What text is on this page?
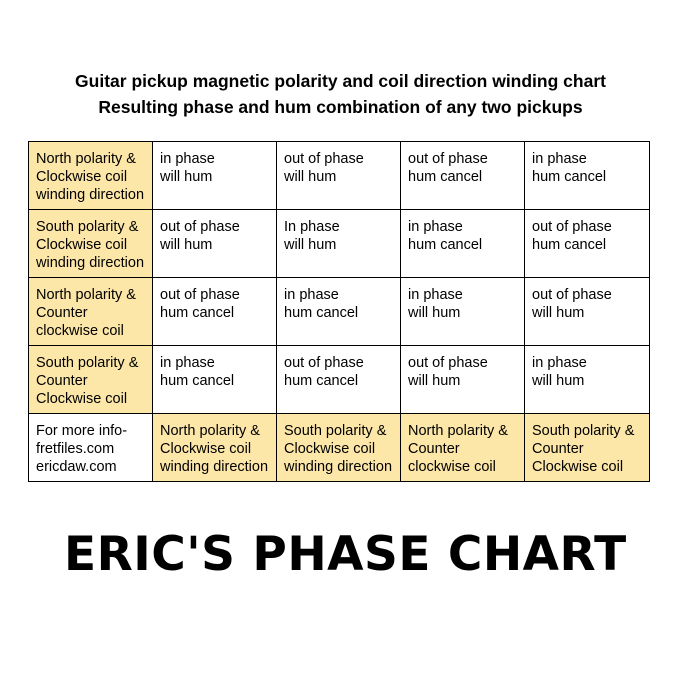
Guitar pickup magnetic polarity and coil direction winding chart
Resulting phase and hum combination of any two pickups
North polarity &
Clockwise coil
winding direction	in phase
will hum	out of phase
will hum	out of phase
hum cancel	in phase
hum cancel

South polarity &
Clockwise coil
winding direction	out of phase
will hum	In phase
will hum	in phase
hum cancel	out of phase
hum cancel

North polarity &
Counter
clockwise coil	out of phase
hum cancel	in phase
hum cancel	in phase
will hum	out of phase
will hum

South polarity &
Counter
Clockwise coil	in phase
hum cancel	out of phase
hum cancel	out of phase
will hum	in phase
will hum

For more info-
fretfiles.com
ericdaw.com	North polarity &
Clockwise coil
winding direction	South polarity &
Clockwise coil
winding direction	North polarity &
Counter
clockwise coil	South polarity &
Counter
Clockwise coil
ERIC'S PHASE CHART
